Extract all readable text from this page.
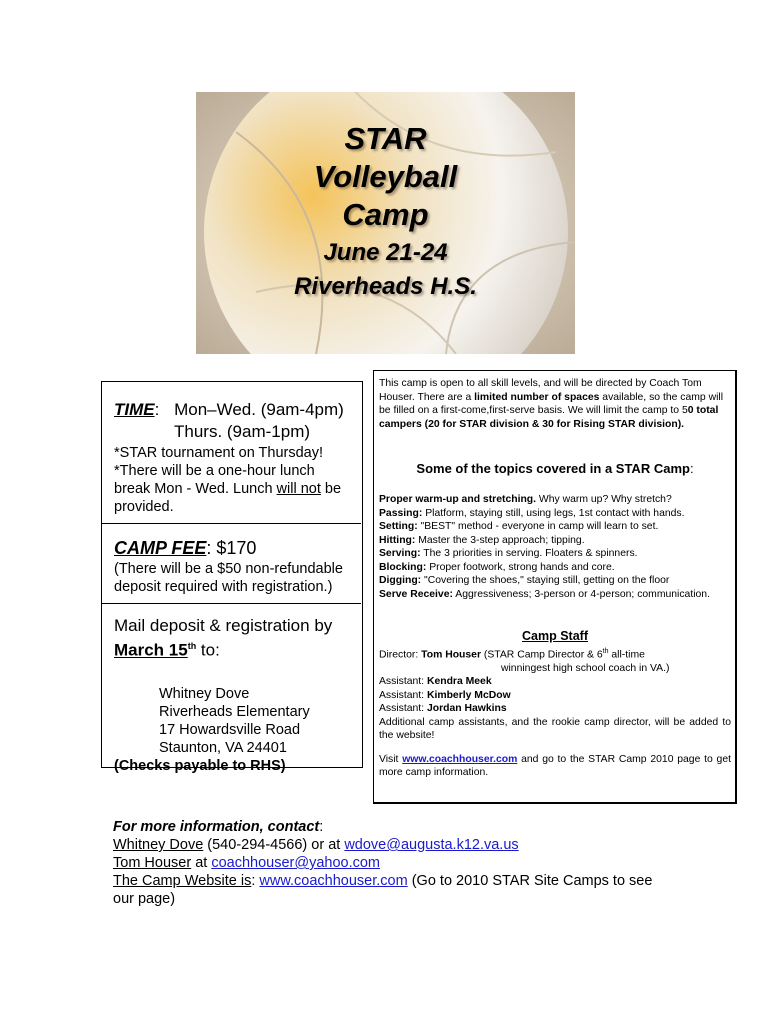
STAR
Volleyball
Camp
June 21-24
Riverheads H.S.
TIME: Mon–Wed. (9am-4pm)
Thurs. (9am-1pm)
*STAR tournament on Thursday!
*There will be a one-hour lunch break Mon - Wed. Lunch will not be provided.
CAMP FEE: $170
(There will be a $50 non-refundable deposit required with registration.)
Mail deposit & registration by
March 15th to:
Whitney Dove
Riverheads Elementary
17 Howardsville Road
Staunton, VA 24401
(Checks payable to RHS)
This camp is open to all skill levels, and will be directed by Coach Tom Houser. There are a limited number of spaces available, so the camp will be filled on a first-come,first-serve basis. We will limit the camp to 50 total campers (20 for STAR division & 30 for Rising STAR division).
Some of the topics covered in a STAR Camp:
Proper warm-up and stretching. Why warm up? Why stretch?
Passing: Platform, staying still, using legs, 1st contact with hands.
Setting: "BEST" method - everyone in camp will learn to set.
Hitting: Master the 3-step approach; tipping.
Serving: The 3 priorities in serving. Floaters & spinners.
Blocking: Proper footwork, strong hands and core.
Digging: "Covering the shoes," staying still, getting on the floor
Serve Receive: Aggressiveness; 3-person or 4-person; communication.
Camp Staff
Director: Tom Houser (STAR Camp Director & 6th all-time
winningest high school coach in VA.)
Assistant: Kendra Meek
Assistant: Kimberly McDow
Assistant: Jordan Hawkins
Additional camp assistants, and the rookie camp director, will be added to the website!
Visit www.coachhouser.com and go to the STAR Camp 2010 page to get more camp information.
For more information, contact:
Whitney Dove (540-294-4566) or at wdove@augusta.k12.va.us
Tom Houser at coachhouser@yahoo.com
The Camp Website is: www.coachhouser.com (Go to 2010 STAR Site Camps to see our page)
